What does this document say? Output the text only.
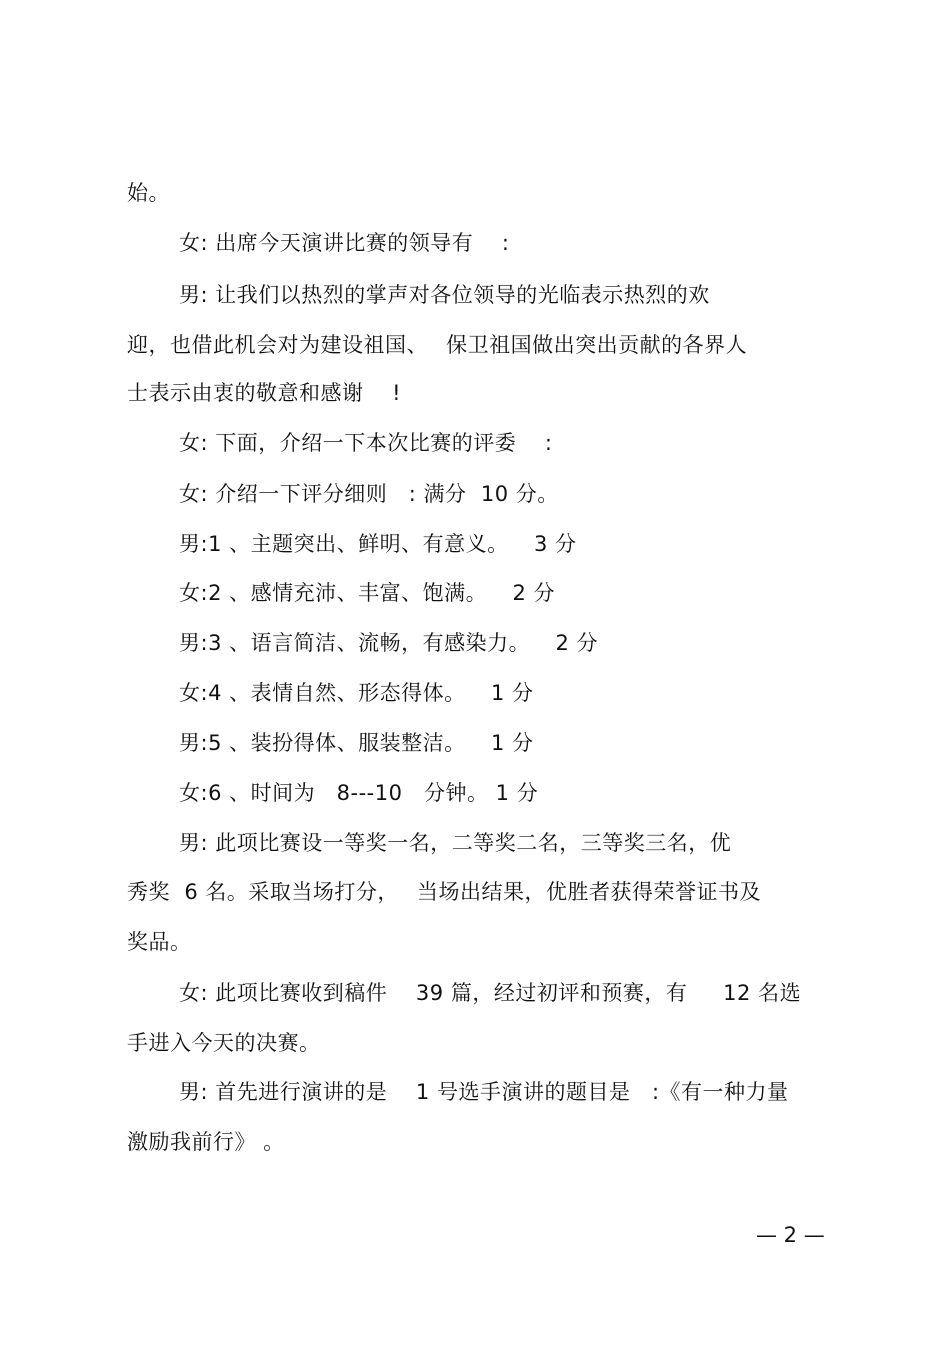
始。
女: 出席今天演讲比赛的领导有　 :
男: 让我们以热烈的掌声对各位领导的光临表示热烈的欢
迎，也借此机会对为建设祖国、　 保卫祖国做出突出贡献的各界人
士表示由衷的敬意和感谢　 !
女: 下面，介绍一下本次比赛的评委　 :
女: 介绍一下评分细则　: 满分  10 分。
男:1 、主题突出、鲜明、有意义。　  3 分
女:2 、感情充沛、丰富、饱满。　  2 分
男:3 、语言简洁、流畅，有感染力。　  2 分
女:4 、表情自然、形态得体。　  1 分
男:5 、装扮得体、服装整洁。　  1 分
女:6 、时间为   8---10   分钟。 1 分
男: 此项比赛设一等奖一名，二等奖二名，三等奖三名，优
秀奖  6 名。采取当场打分，　 当场出结果，优胜者获得荣誉证书及
奖品。
女: 此项比赛收到稿件　 39 篇，经过初评和预赛，有　  12 名选
手进入今天的决赛。
男: 首先进行演讲的是　 1 号选手演讲的题目是　:《有一种力量
激励我前行》 。
— 2 —
